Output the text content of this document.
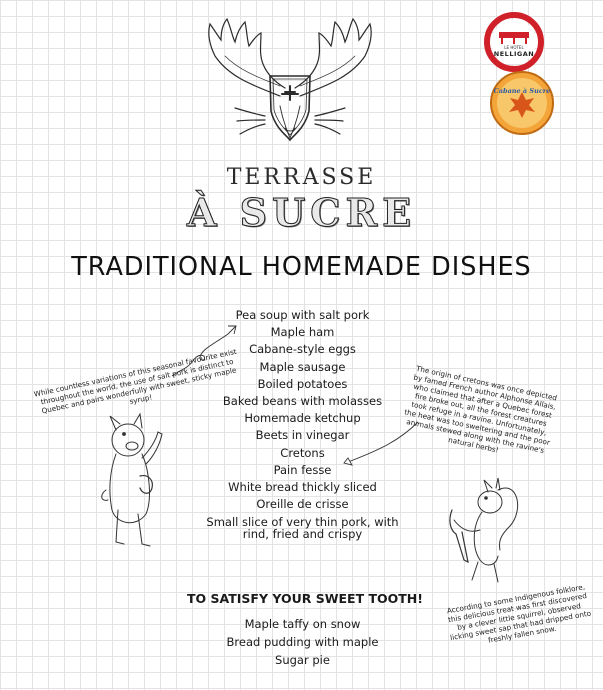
LE HOTEL
NELLIGAN
Cabane à Sucre
TERRASSE
À SUCRE
TRADITIONAL HOMEMADE DISHES
Pea soup with salt pork
Maple ham
Cabane-style eggs
Maple sausage
Boiled potatoes
Baked beans with molasses
Homemade ketchup
Beets in vinegar
Cretons
Pain fesse
White bread thickly sliced
Oreille de crisse
Small slice of very thin pork, with rind, fried and crispy
TO SATISFY YOUR SWEET TOOTH!
Maple taffy on snow
Bread pudding with maple
Sugar pie
While countless variations of this seasonal favourite exist throughout the world, the use of salt pork is distinct to Quebec and pairs wonderfully with sweet, sticky maple syrup!	The origin of cretons was once depicted by famed French author Alphonse Allais, who claimed that after a Quebec forest fire broke out, all the forest creatures took refuge in a ravine. Unfortunately, the heat was too sweltering and the poor animals stewed along with the ravine's natural herbs!
According to some Indigenous folklore, this delicious treat was first discovered by a clever little squirrel, observed licking sweet sap that had dripped onto freshly fallen snow.
